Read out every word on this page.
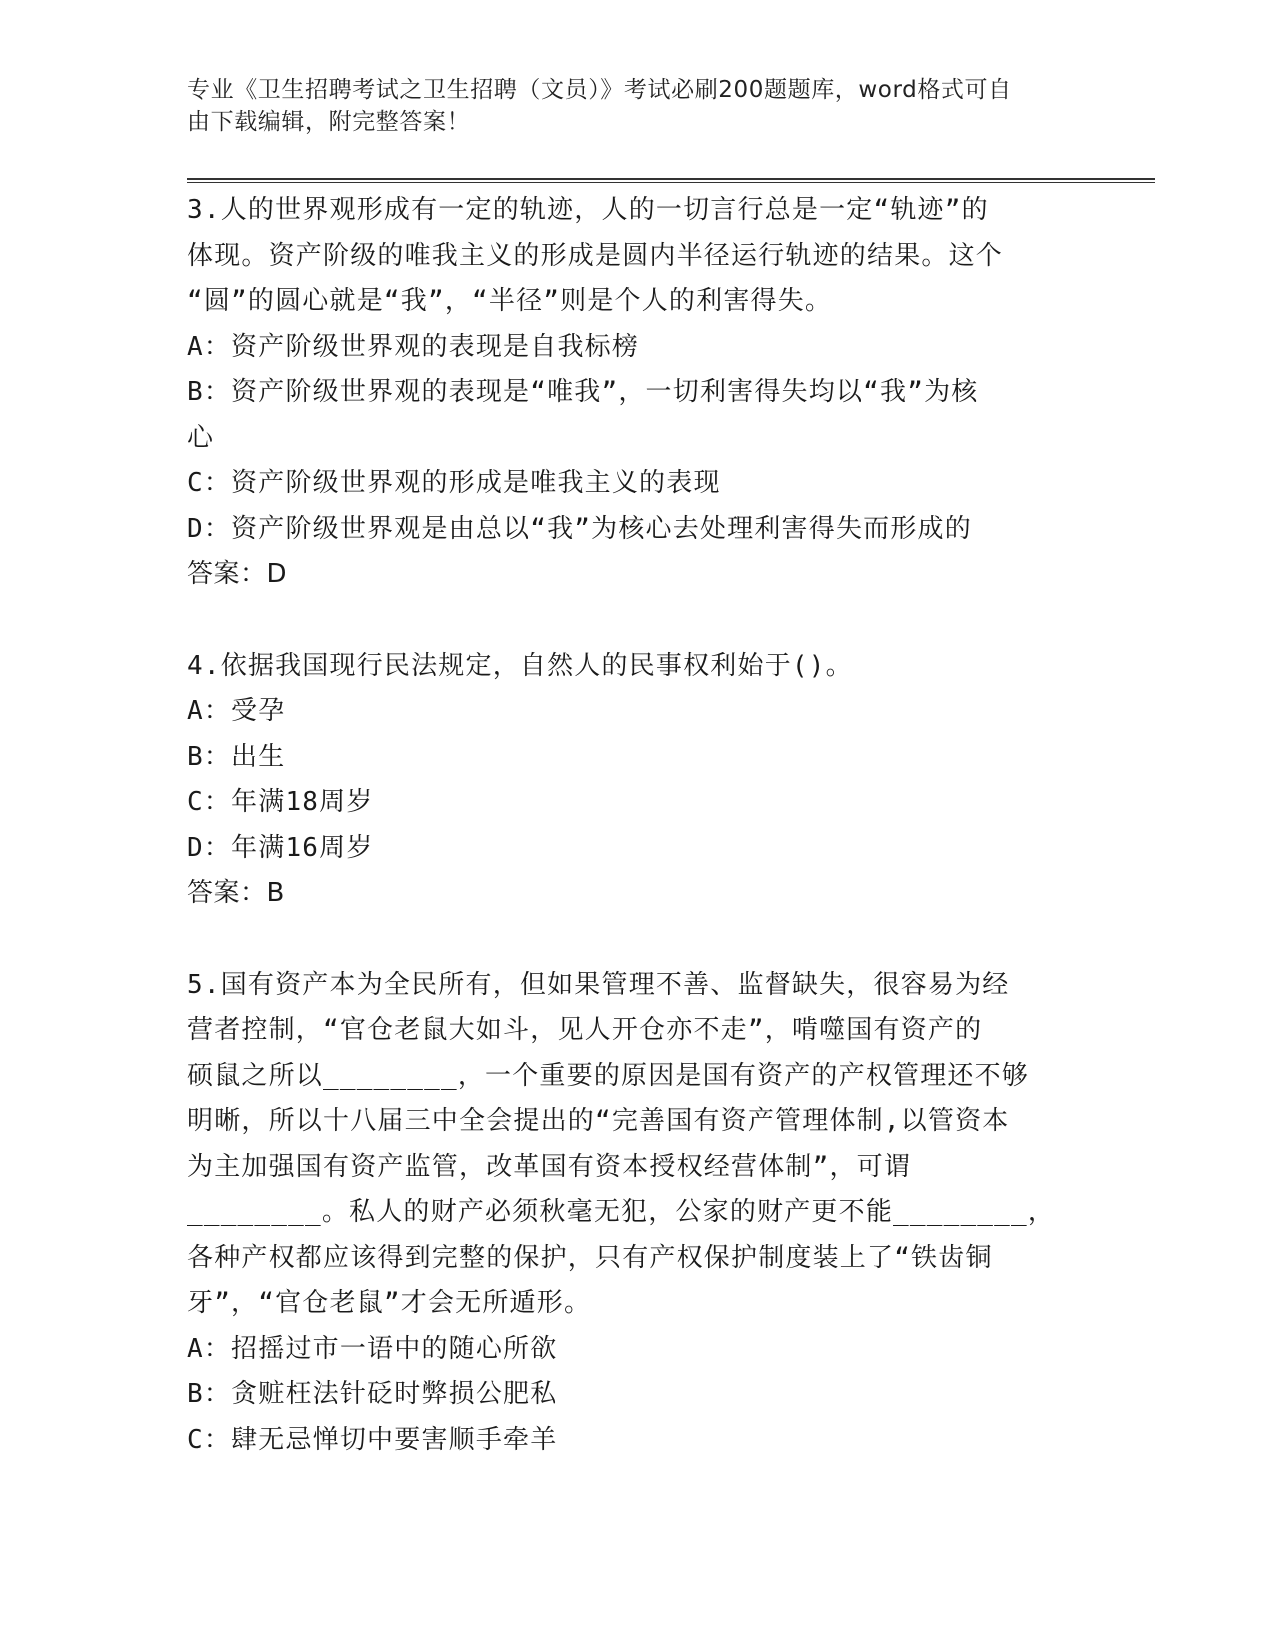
专业《卫生招聘考试之卫生招聘（文员）》考试必刷200题题库，word格式可自
由下载编辑，附完整答案！

3.人的世界观形成有一定的轨迹，人的一切言行总是一定“轨迹”的

体现。资产阶级的唯我主义的形成是圆内半径运行轨迹的结果。这个

“圆”的圆心就是“我”，“半径”则是个人的利害得失。

A：资产阶级世界观的表现是自我标榜

B：资产阶级世界观的表现是“唯我”，一切利害得失均以“我”为核

心

C：资产阶级世界观的形成是唯我主义的表现

D：资产阶级世界观是由总以“我”为核心去处理利害得失而形成的

答案：D

4.依据我国现行民法规定，自然人的民事权利始于()。

A：受孕

B：出生

C：年满18周岁

D：年满16周岁

答案：B

5.国有资产本为全民所有，但如果管理不善、监督缺失，很容易为经

营者控制，“官仓老鼠大如斗，见人开仓亦不走”，啃噬国有资产的

硕鼠之所以________，一个重要的原因是国有资产的产权管理还不够

明晰，所以十八届三中全会提出的“完善国有资产管理体制,以管资本

为主加强国有资产监管，改革国有资本授权经营体制”，可谓

________。私人的财产必须秋毫无犯，公家的财产更不能________，

各种产权都应该得到完整的保护，只有产权保护制度装上了“铁齿铜

牙”，“官仓老鼠”才会无所遁形。

A：招摇过市一语中的随心所欲

B：贪赃枉法针砭时弊损公肥私

C：肆无忌惮切中要害顺手牵羊
